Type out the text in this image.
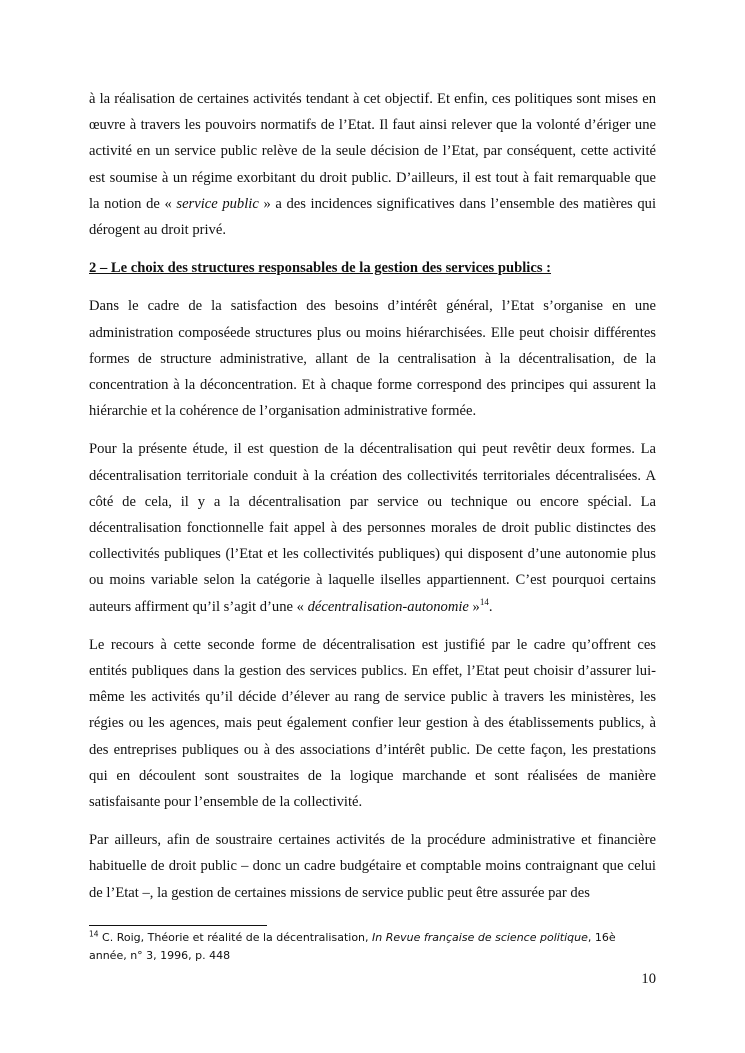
à la réalisation de certaines activités tendant à cet objectif. Et enfin, ces politiques sont mises en œuvre à travers les pouvoirs normatifs de l’Etat. Il faut ainsi relever que la volonté d’ériger une activité en un service public relève de la seule décision de l’Etat, par conséquent, cette activité est soumise à un régime exorbitant du droit public. D’ailleurs, il est tout à fait remarquable que la notion de « service public » a des incidences significatives dans l’ensemble des matières qui dérogent au droit privé.

2 – Le choix des structures responsables de la gestion des services publics :

Dans le cadre de la satisfaction des besoins d’intérêt général, l’Etat s’organise en une administration composéede structures plus ou moins hiérarchisées. Elle peut choisir différentes formes de structure administrative, allant de la centralisation à la décentralisation, de la concentration à la déconcentration. Et à chaque forme correspond des principes qui assurent la hiérarchie et la cohérence de l’organisation administrative formée.

Pour la présente étude, il est question de la décentralisation qui peut revêtir deux formes. La décentralisation territoriale conduit à la création des collectivités territoriales décentralisées. A côté de cela, il y a la décentralisation par service ou technique ou encore spécial. La décentralisation fonctionnelle fait appel à des personnes morales de droit public distinctes des collectivités publiques (l’Etat et les collectivités publiques) qui disposent d’une autonomie plus ou moins variable selon la catégorie à laquelle ilselles appartiennent. C’est pourquoi certains auteurs affirment qu’il s’agit d’une « décentralisation-autonomie »$^{14}$.

Le recours à cette seconde forme de décentralisation est justifié par le cadre qu’offrent ces entités publiques dans la gestion des services publics. En effet, l’Etat peut choisir d’assurer lui-même les activités qu’il décide d’élever au rang de service public à travers les ministères, les régies ou les agences, mais peut également confier leur gestion à des établissements publics, à des entreprises publiques ou à des associations d’intérêt public. De cette façon, les prestations qui en découlent sont soustraites de la logique marchande et sont réalisées de manière satisfaisante pour l’ensemble de la collectivité.

Par ailleurs, afin de soustraire certaines activités de la procédure administrative et financière habituelle de droit public – donc un cadre budgétaire et comptable moins contraignant que celui de l’Etat –, la gestion de certaines missions de service public peut être assurée par des

$^{14}$ C. Roig, Théorie et réalité de la décentralisation, In Revue française de science politique, 16è année, n° 3, 1996, p. 448
10
